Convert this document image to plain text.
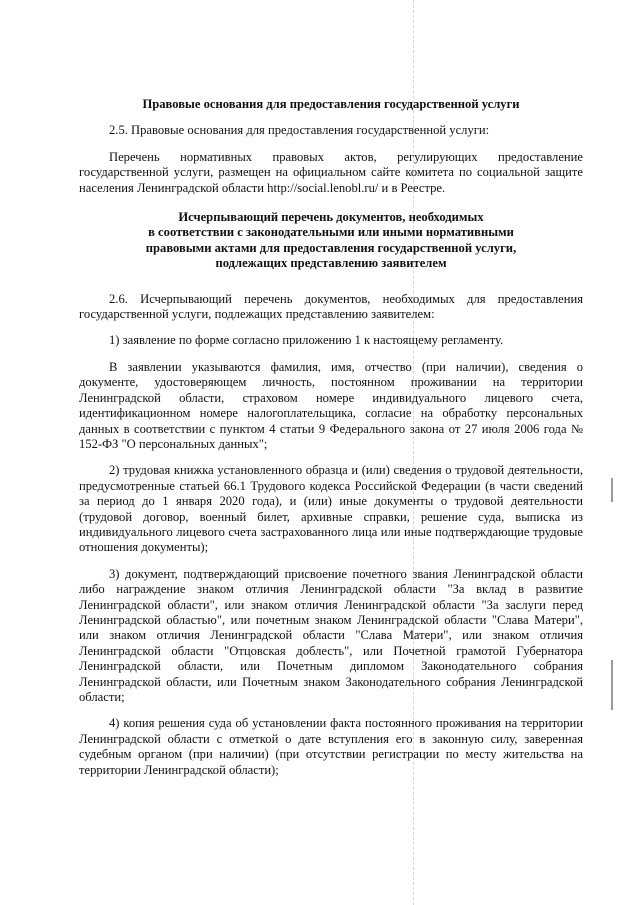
Правовые основания для предоставления государственной услуги

2.5. Правовые основания для предоставления государственной услуги:

Перечень нормативных правовых актов, регулирующих предоставление государственной услуги, размещен на официальном сайте комитета по социальной защите населения Ленинградской области http://social.lenobl.ru/ и в Реестре.

Исчерпывающий перечень документов, необходимых

в соответствии с законодательными или иными нормативными

правовыми актами для предоставления государственной услуги,

подлежащих представлению заявителем

2.6. Исчерпывающий перечень документов, необходимых для предоставления государственной услуги, подлежащих представлению заявителем:

1) заявление по форме согласно приложению 1 к настоящему регламенту.

В заявлении указываются фамилия, имя, отчество (при наличии), сведения о документе, удостоверяющем личность, постоянном проживании на территории Ленинградской области, страховом номере индивидуального лицевого счета, идентификационном номере налогоплательщика, согласие на обработку персональных данных в соответствии с пунктом 4 статьи 9 Федерального закона от 27 июля 2006 года № 152-ФЗ "О персональных данных";

2) трудовая книжка установленного образца и (или) сведения о трудовой деятельности, предусмотренные статьей 66.1 Трудового кодекса Российской Федерации (в части сведений за период до 1 января 2020 года), и (или) иные документы о трудовой деятельности (трудовой договор, военный билет, архивные справки, решение суда, выписка из индивидуального лицевого счета застрахованного лица или иные подтверждающие трудовые отношения документы);

3) документ, подтверждающий присвоение почетного звания Ленинградской области либо награждение знаком отличия Ленинградской области "За вклад в развитие Ленинградской области", или знаком отличия Ленинградской области "За заслуги перед Ленинградской областью", или почетным знаком Ленинградской области "Слава Матери", или знаком отличия Ленинградской области "Слава Матери", или знаком отличия Ленинградской области "Отцовская доблесть", или Почетной грамотой Губернатора Ленинградской области, или Почетным дипломом Законодательного собрания Ленинградской области, или Почетным знаком Законодательного собрания Ленинградской области;

4) копия решения суда об установлении факта постоянного проживания на территории Ленинградской области с отметкой о дате вступления его в законную силу, заверенная судебным органом (при наличии) (при отсутствии регистрации по месту жительства на территории Ленинградской области);
